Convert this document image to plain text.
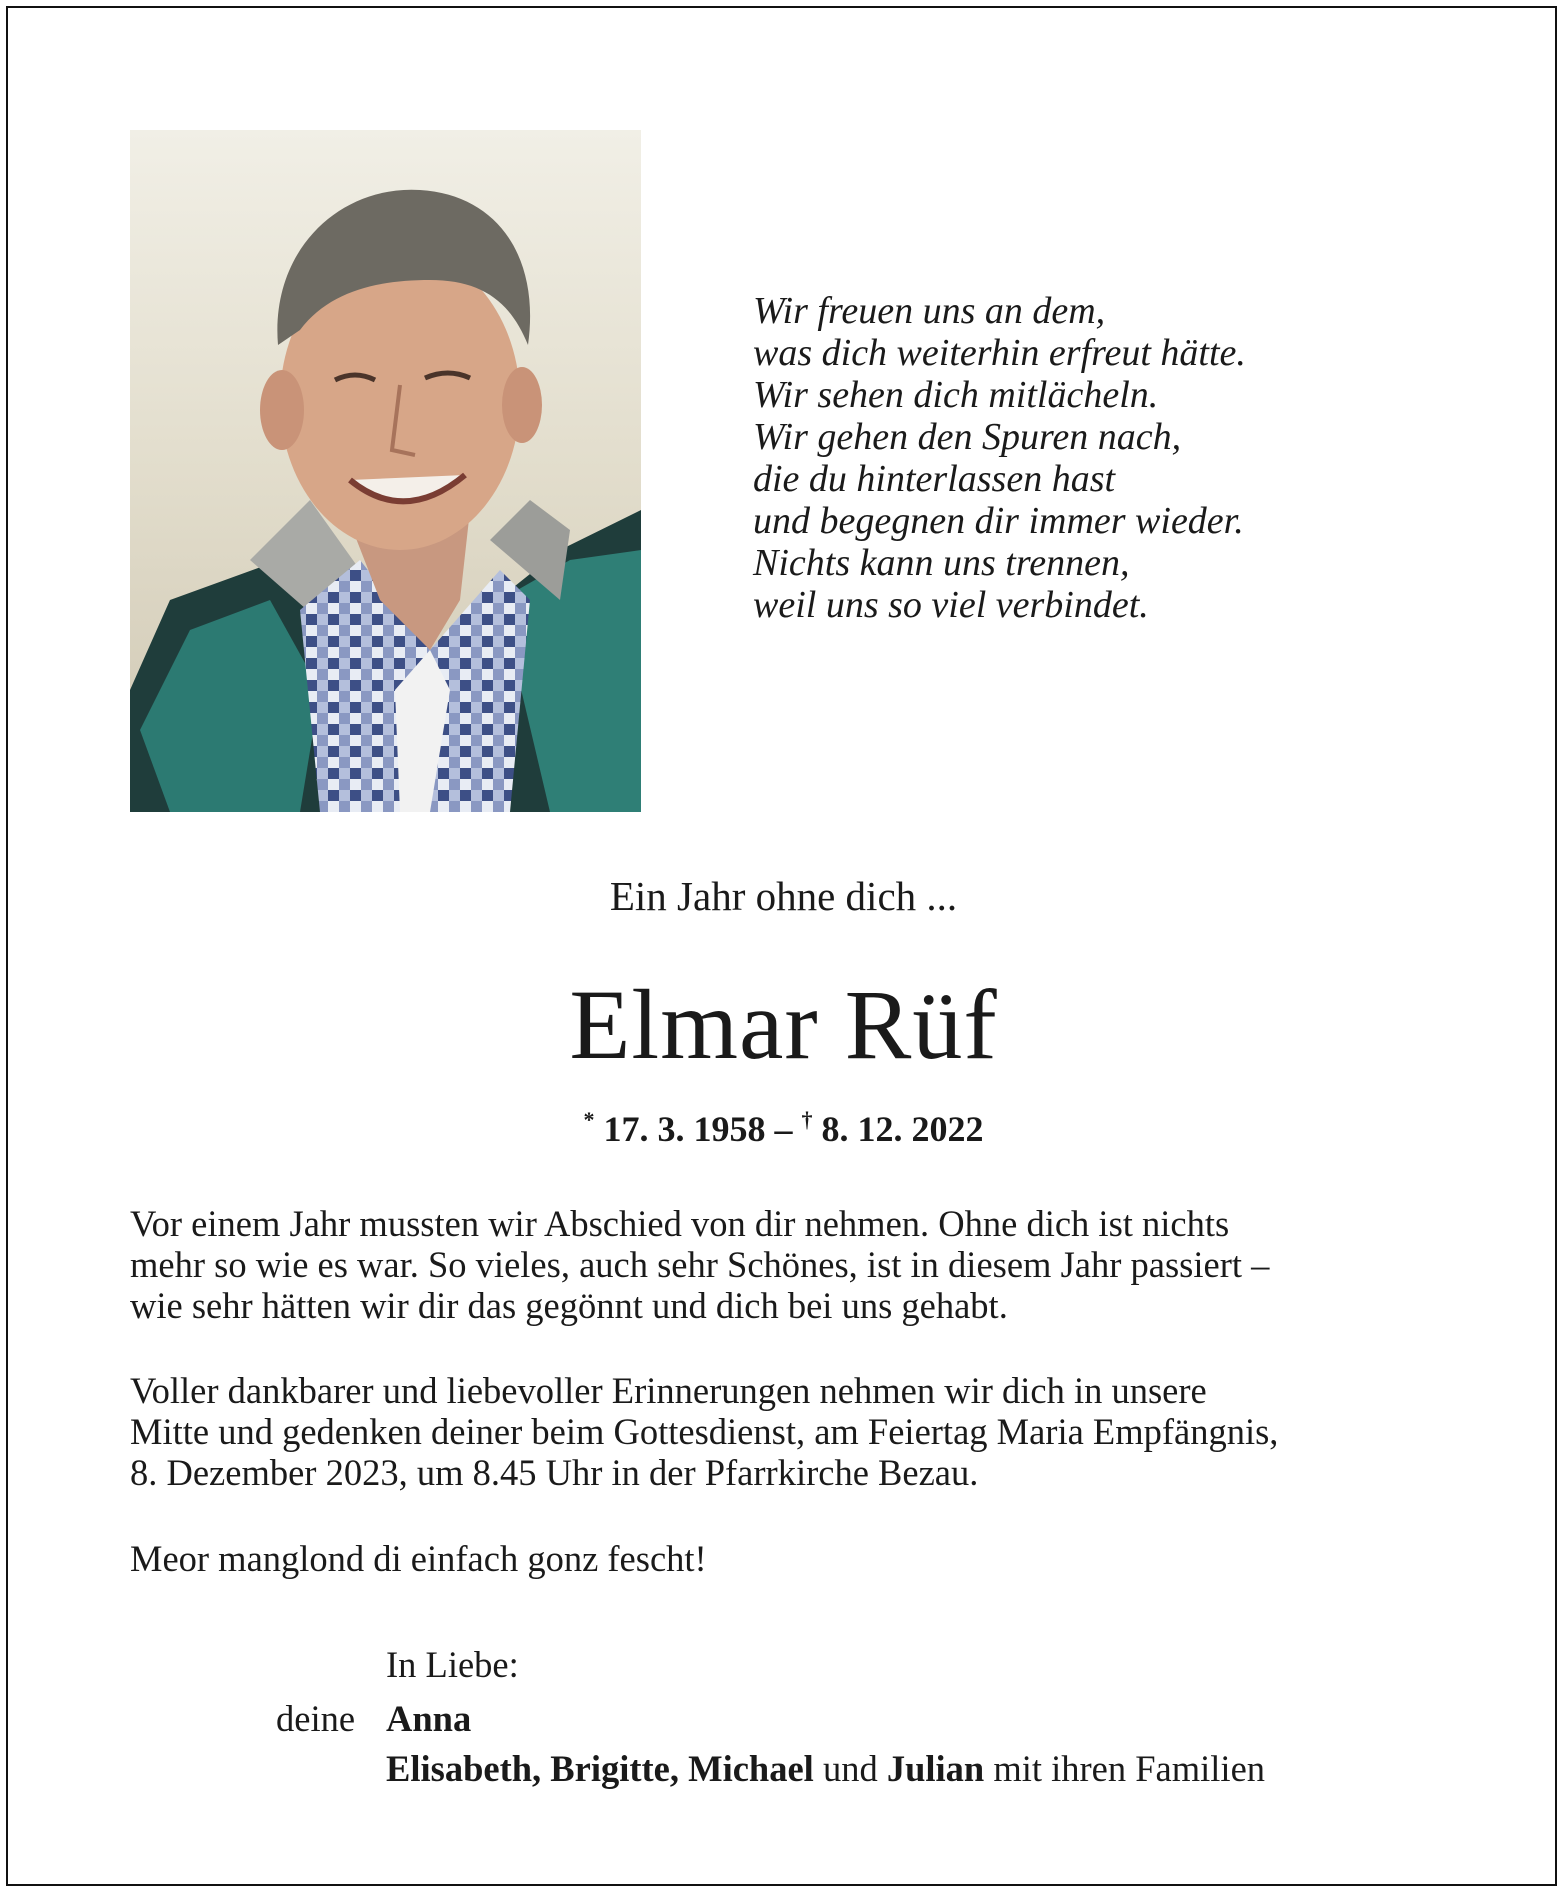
Wir freuen uns an dem,
was dich weiterhin erfreut hätte.
Wir sehen dich mitlächeln.
Wir gehen den Spuren nach,
die du hinterlassen hast
und begegnen dir immer wieder.
Nichts kann uns trennen,
weil uns so viel verbindet.
Ein Jahr ohne dich ...
Elmar Rüf
* 17. 3. 1958 – † 8. 12. 2022
Vor einem Jahr mussten wir Abschied von dir nehmen. Ohne dich ist nichts
mehr so wie es war. So vieles, auch sehr Schönes, ist in diesem Jahr passiert –
wie sehr hätten wir dir das gegönnt und dich bei uns gehabt.
Voller dankbarer und liebevoller Erinnerungen nehmen wir dich in unsere
Mitte und gedenken deiner beim Gottesdienst, am Feiertag Maria Empfängnis,
8. Dezember 2023, um 8.45 Uhr in der Pfarrkirche Bezau.
Meor manglond di einfach gonz fescht!
In Liebe:
deine Anna
Elisabeth, Brigitte, Michael und Julian mit ihren Familien
